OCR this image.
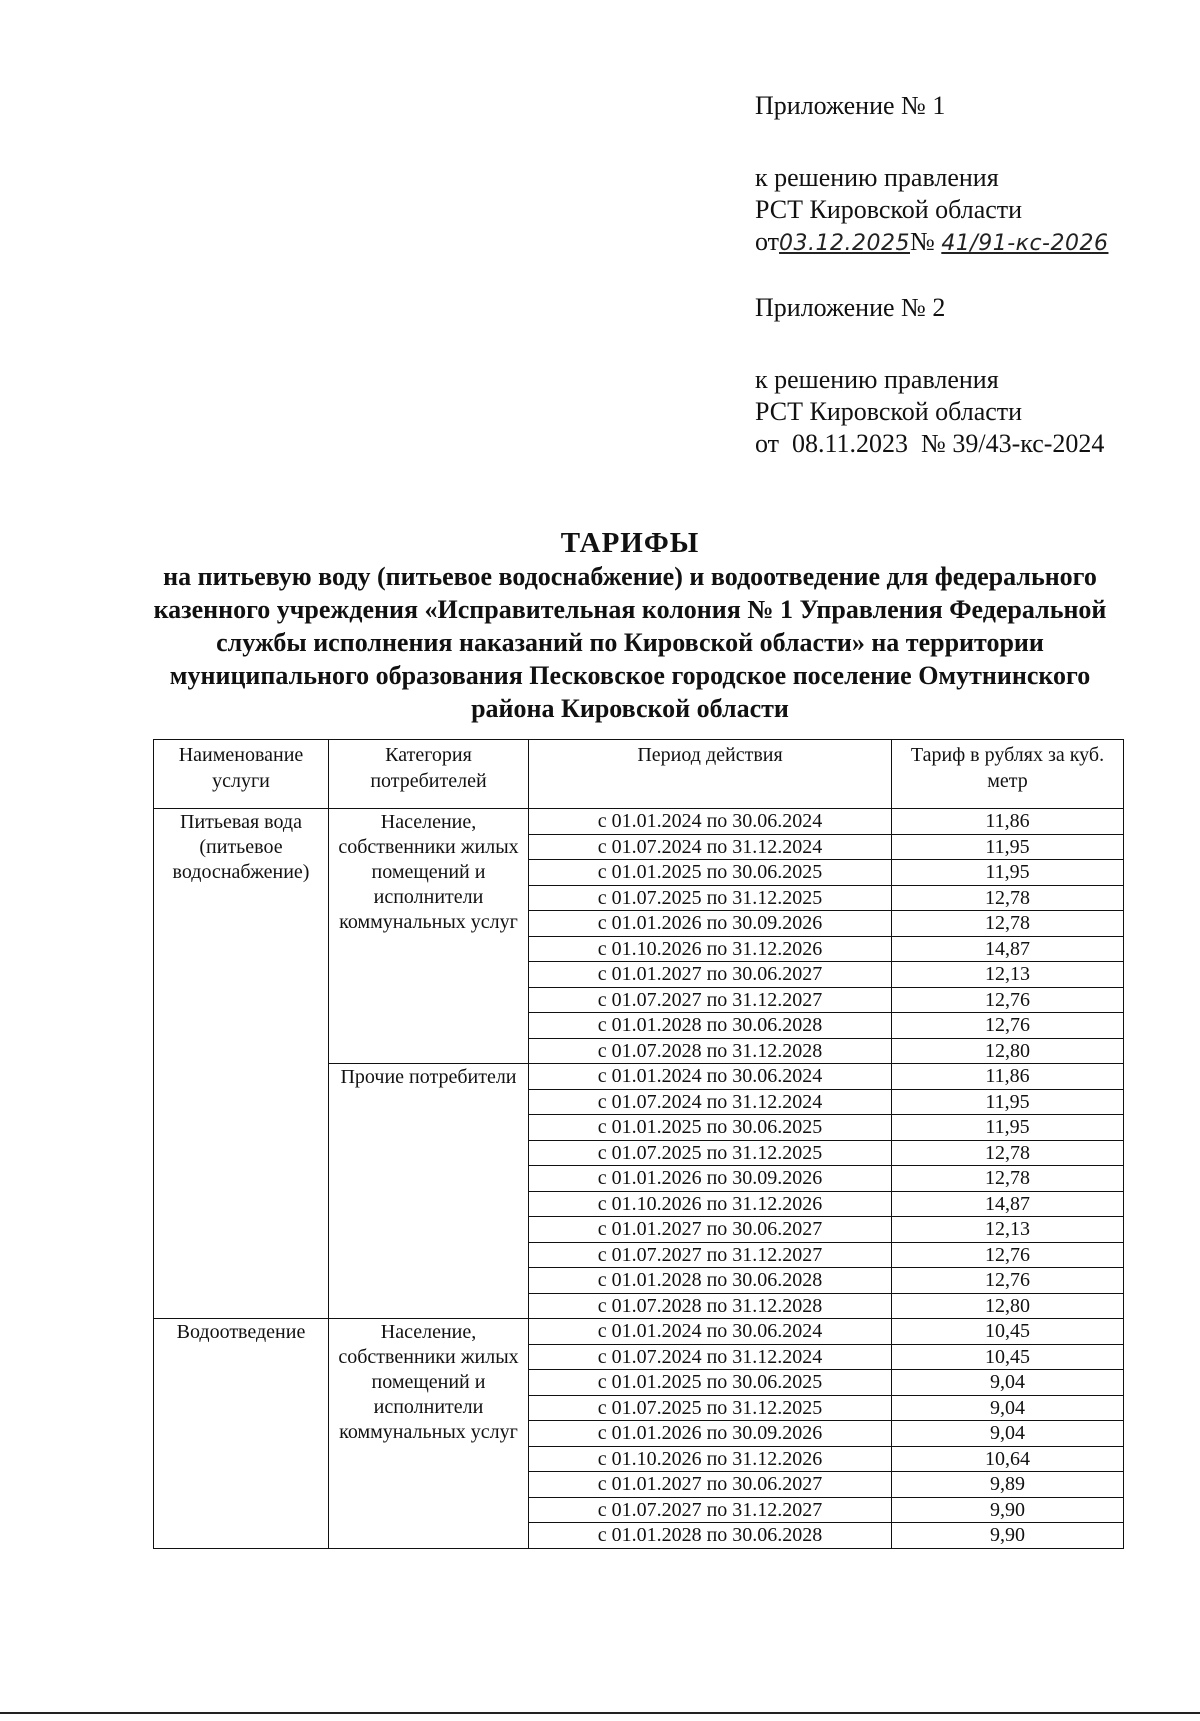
Приложение № 1
к решению правления
РСТ Кировской области
от03.12.2025№ 41/91-кс-2026
Приложение № 2
к решению правления
РСТ Кировской области
от  08.11.2023  № 39/43-кс-2024
ТАРИФЫ
на питьевую воду (питьевое водоснабжение) и водоотведение для федерального казенного учреждения «Исправительная колония № 1 Управления Федеральной службы исполнения наказаний по Кировской области» на территории муниципального образования Песковское городское поселение Омутнинского района Кировской области
Наименование услуги	Категория потребителей	Период действия	Тариф в рублях за куб. метр
Питьевая вода (питьевое водоснабжение)	Население, собственники жилых помещений и исполнители коммунальных услуг	с 01.01.2024 по 30.06.2024	11,86
		с 01.07.2024 по 31.12.2024	11,95
		с 01.01.2025 по 30.06.2025	11,95
		с 01.07.2025 по 31.12.2025	12,78
		с 01.01.2026 по 30.09.2026	12,78
		с 01.10.2026 по 31.12.2026	14,87
		с 01.01.2027 по 30.06.2027	12,13
		с 01.07.2027 по 31.12.2027	12,76
		с 01.01.2028 по 30.06.2028	12,76
		с 01.07.2028 по 31.12.2028	12,80
	Прочие потребители	с 01.01.2024 по 30.06.2024	11,86
		с 01.07.2024 по 31.12.2024	11,95
		с 01.01.2025 по 30.06.2025	11,95
		с 01.07.2025 по 31.12.2025	12,78
		с 01.01.2026 по 30.09.2026	12,78
		с 01.10.2026 по 31.12.2026	14,87
		с 01.01.2027 по 30.06.2027	12,13
		с 01.07.2027 по 31.12.2027	12,76
		с 01.01.2028 по 30.06.2028	12,76
		с 01.07.2028 по 31.12.2028	12,80
Водоотведение	Население, собственники жилых помещений и исполнители коммунальных услуг	с 01.01.2024 по 30.06.2024	10,45
		с 01.07.2024 по 31.12.2024	10,45
		с 01.01.2025 по 30.06.2025	9,04
		с 01.07.2025 по 31.12.2025	9,04
		с 01.01.2026 по 30.09.2026	9,04
		с 01.10.2026 по 31.12.2026	10,64
		с 01.01.2027 по 30.06.2027	9,89
		с 01.07.2027 по 31.12.2027	9,90
		с 01.01.2028 по 30.06.2028	9,90
